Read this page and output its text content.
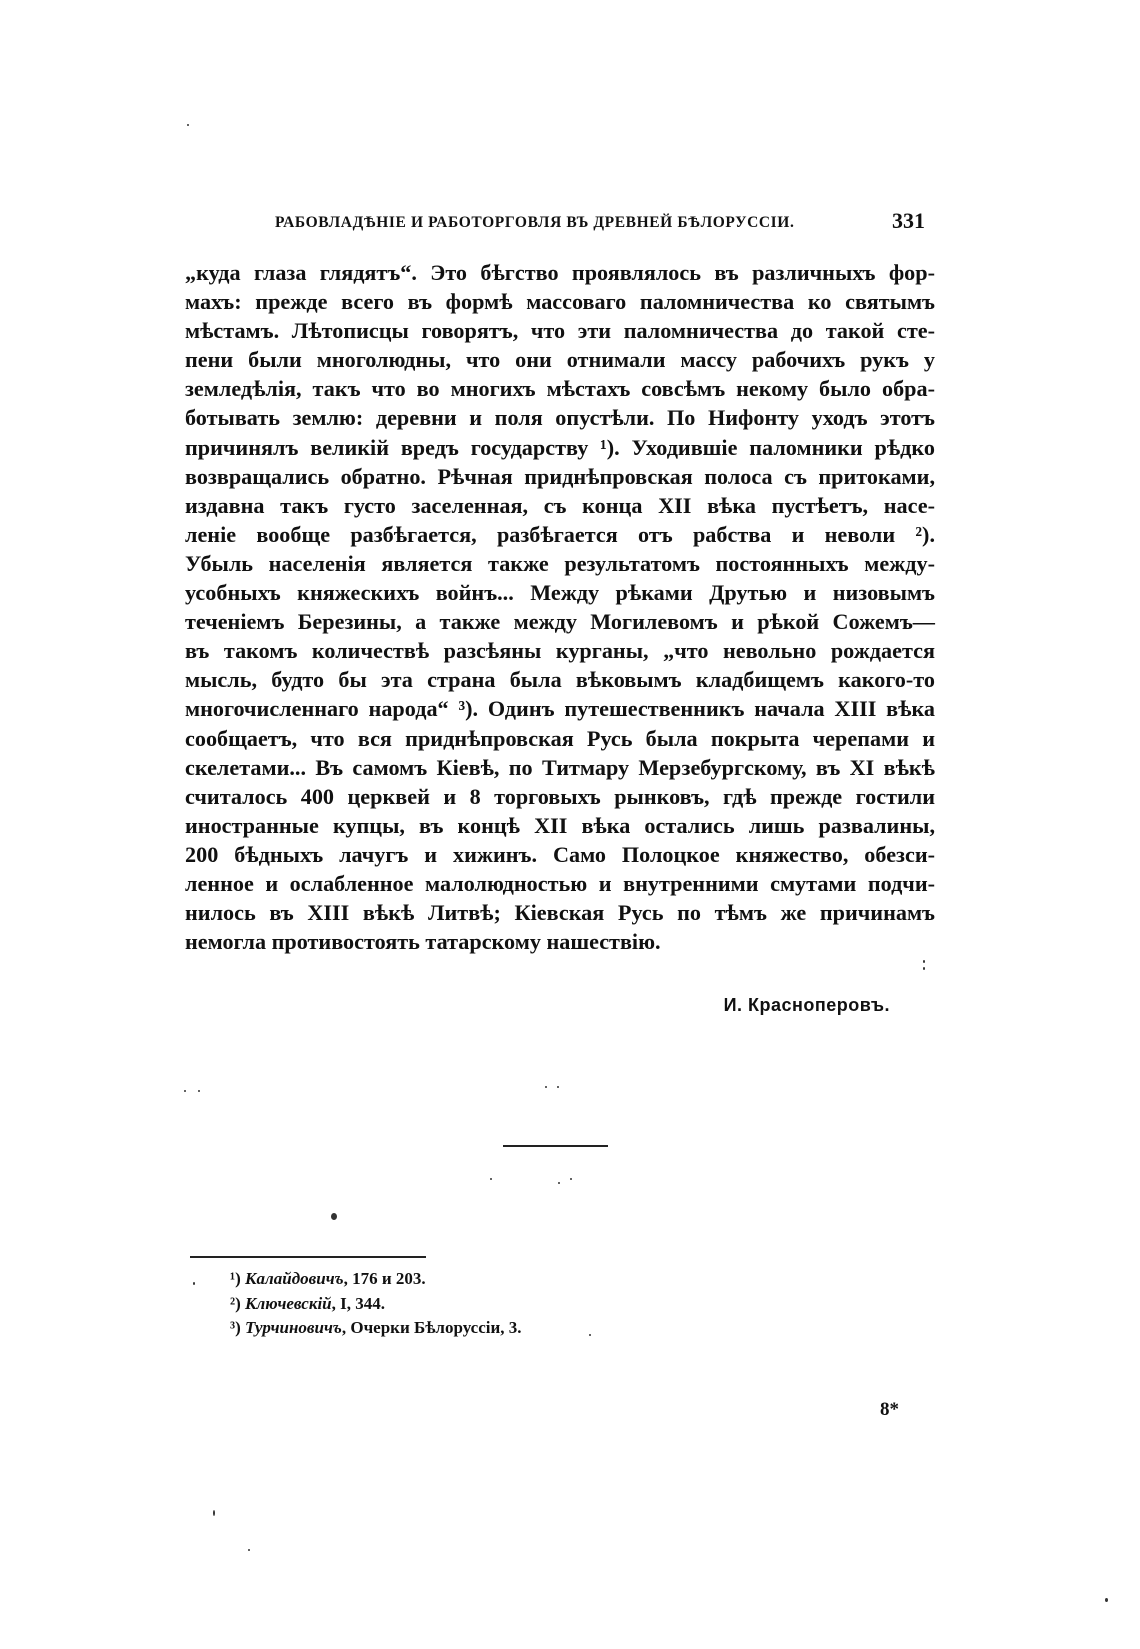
РАБОВЛАДѢНІЕ И РАБОТОРГОВЛЯ ВЪ ДРЕВНЕЙ БѢЛОРУССІИ.	331
„куда глаза глядятъ“. Это бѣгство проявлялось въ различныхъ фор-
махъ: прежде всего въ формѣ массоваго паломничества ко святымъ
мѣстамъ. Лѣтописцы говорятъ, что эти паломничества до такой сте-
пени были многолюдны, что они отнимали массу рабочихъ рукъ у
земледѣлія, такъ что во многихъ мѣстахъ совсѣмъ некому было обра-
ботывать землю: деревни и поля опустѣли. По Нифонту уходъ этотъ
причинялъ великій вредъ государству ¹). Уходившіе паломники рѣдко
возвращались обратно. Рѣчная приднѣпровская полоса съ притоками,
издавна такъ густо заселенная, съ конца XII вѣка пустѣетъ, насе-
леніе вообще разбѣгается, разбѣгается отъ рабства и неволи ²).
Убыль населенія является также результатомъ постоянныхъ между-
усобныхъ княжескихъ войнъ... Между рѣками Друтью и низовымъ
теченіемъ Березины, а также между Могилевомъ и рѣкой Сожемъ—
въ такомъ количествѣ разсѣяны курганы, „что невольно рождается
мысль, будто бы эта страна была вѣковымъ кладбищемъ какого-то
многочисленнаго народа“ ³). Одинъ путешественникъ начала XIII вѣка
сообщаетъ, что вся приднѣпровская Русь была покрыта черепами и
скелетами... Въ самомъ Кіевѣ, по Титмару Мерзебургскому, въ XI вѣкѣ
считалось 400 церквей и 8 торговыхъ рынковъ, гдѣ прежде гостили
иностранные купцы, въ концѣ XII вѣка остались лишь развалины,
200 бѣдныхъ лачугъ и хижинъ. Само Полоцкое княжество, обезси-
ленное и ослабленное малолюдностью и внутренними смутами подчи-
нилось въ XIII вѣкѣ Литвѣ; Кіевская Русь по тѣмъ же причинамъ
немогла противостоять татарскому нашествію.
И. Красноперовъ.
¹) Калайдовичъ, 176 и 203.
²) Ключевскій, I, 344.
³) Турчиновичъ, Очерки Бѣлоруссіи, 3.
8*
